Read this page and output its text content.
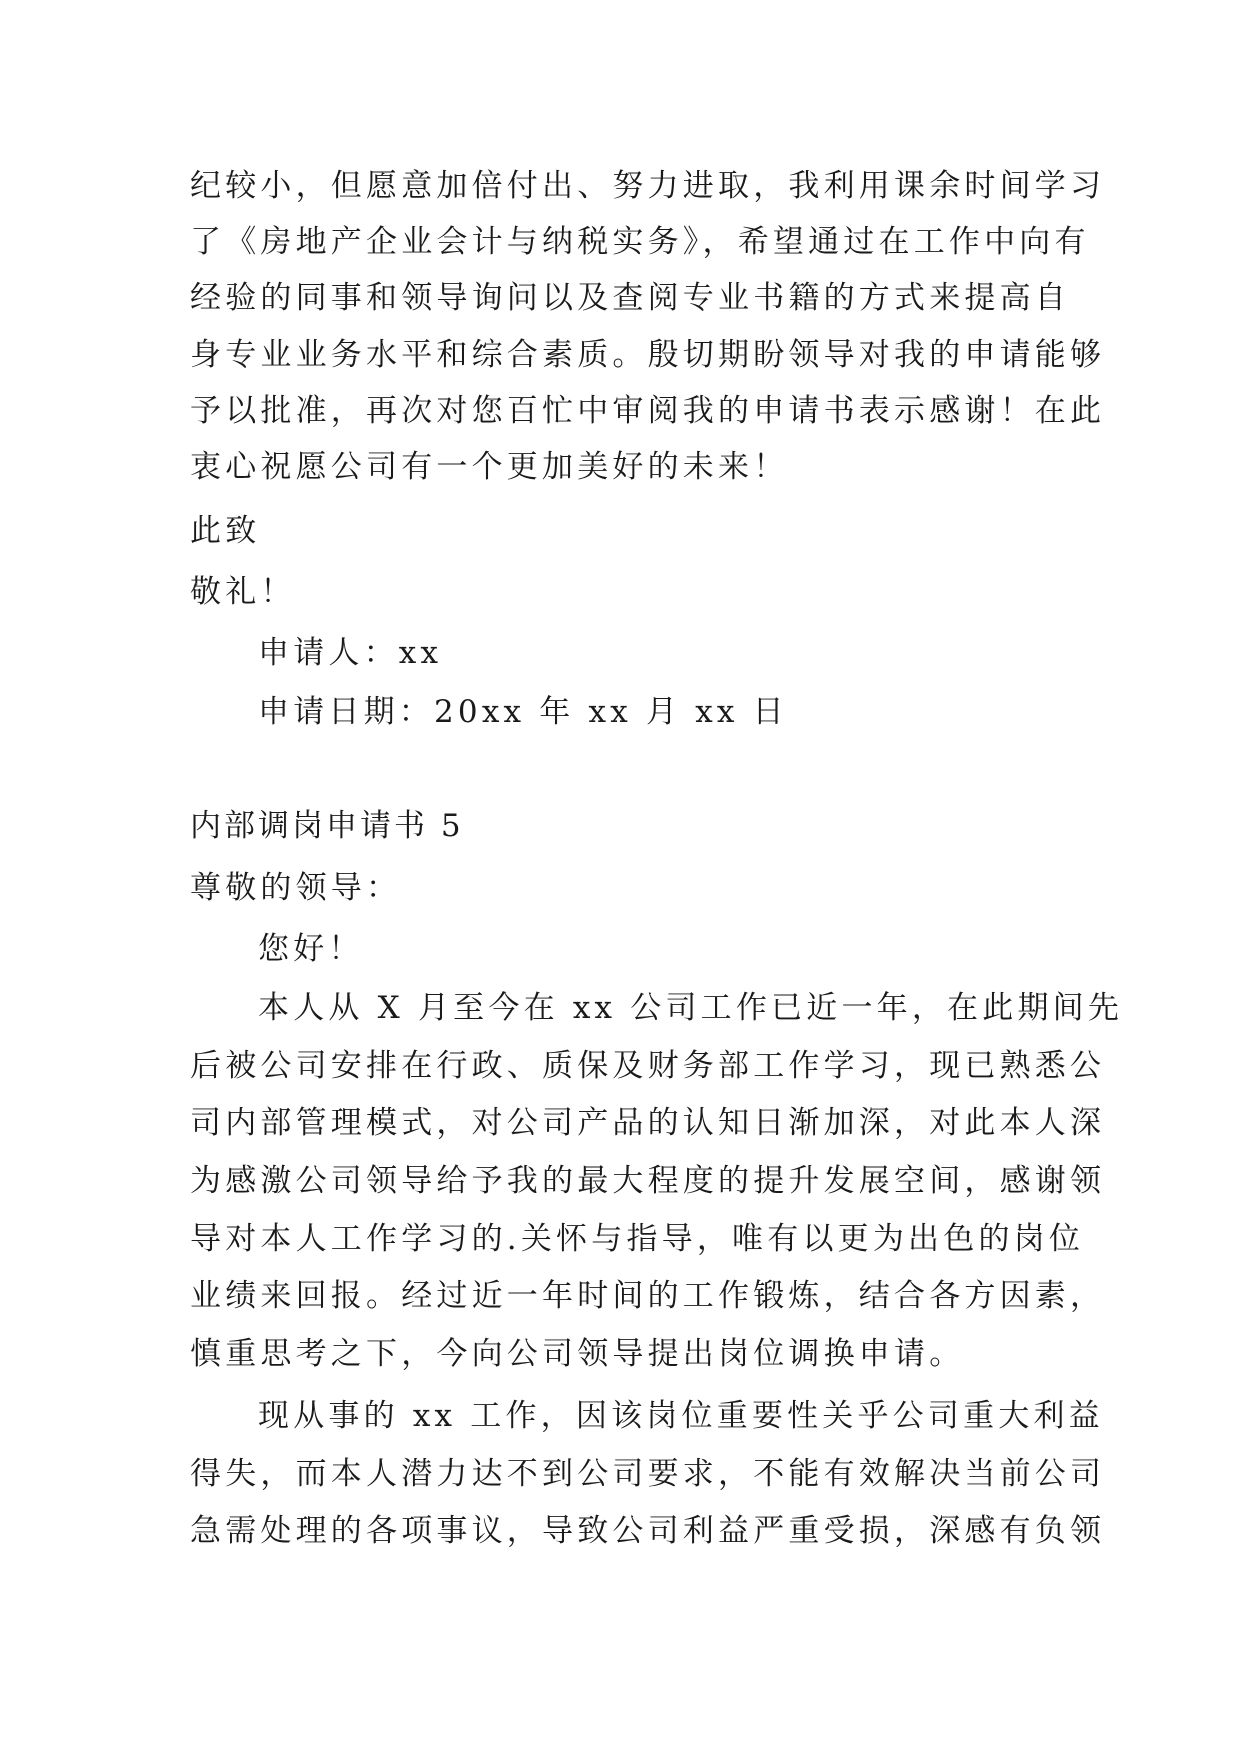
纪较小，但愿意加倍付出、努力进取，我利用课余时间学习
了《房地产企业会计与纳税实务》，希望通过在工作中向有
经验的同事和领导询问以及查阅专业书籍的方式来提高自
身专业业务水平和综合素质。殷切期盼领导对我的申请能够
予以批准，再次对您百忙中审阅我的申请书表示感谢！在此
衷心祝愿公司有一个更加美好的未来！
此致
敬礼！
申请人：xx
申请日期：20xx 年 xx 月 xx 日
内部调岗申请书 5
尊敬的领导：
您好！
本人从 X 月至今在 xx 公司工作已近一年，在此期间先
后被公司安排在行政、质保及财务部工作学习，现已熟悉公
司内部管理模式，对公司产品的认知日渐加深，对此本人深
为感激公司领导给予我的最大程度的提升发展空间，感谢领
导对本人工作学习的.关怀与指导，唯有以更为出色的岗位
业绩来回报。经过近一年时间的工作锻炼，结合各方因素，
慎重思考之下，今向公司领导提出岗位调换申请。
现从事的 xx 工作，因该岗位重要性关乎公司重大利益
得失，而本人潜力达不到公司要求，不能有效解决当前公司
急需处理的各项事议，导致公司利益严重受损，深感有负领
